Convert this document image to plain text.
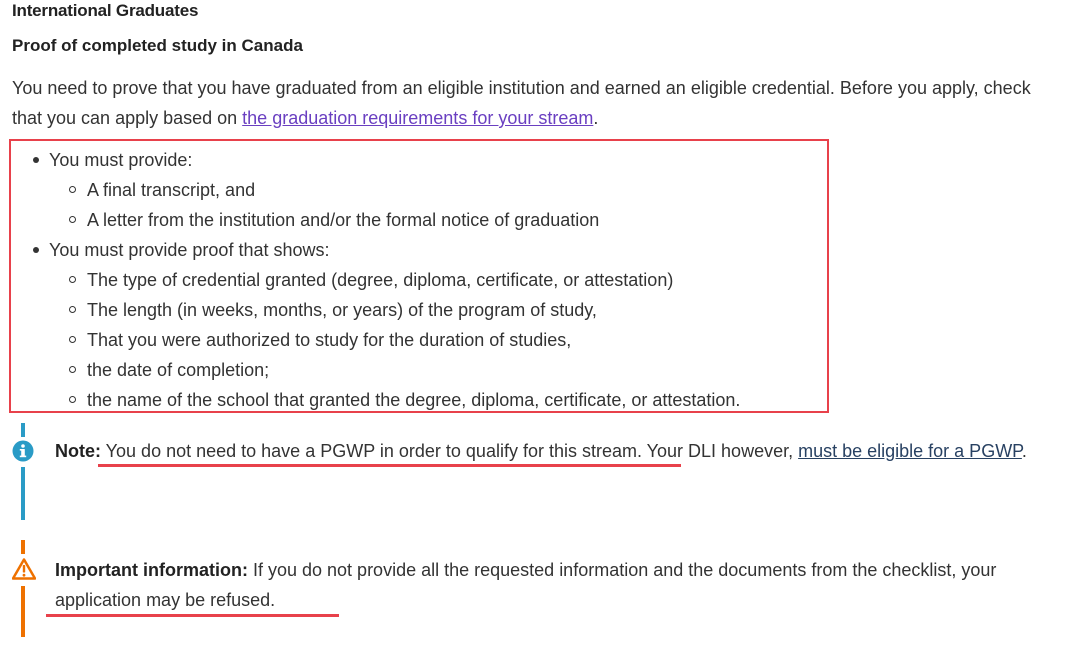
International Graduates
Proof of completed study in Canada
You need to prove that you have graduated from an eligible institution and earned an eligible credential. Before you apply, check that you can apply based on the graduation requirements for your stream.
You must provide:
A final transcript, and
A letter from the institution and/or the formal notice of graduation
You must provide proof that shows:
The type of credential granted (degree, diploma, certificate, or attestation)
The length (in weeks, months, or years) of the program of study,
That you were authorized to study for the duration of studies,
the date of completion;
the name of the school that granted the degree, diploma, certificate, or attestation.
Note: You do not need to have a PGWP in order to qualify for this stream. Your DLI however, must be eligible for a PGWP.
Important information: If you do not provide all the requested information and the documents from the checklist, your application may be refused.
